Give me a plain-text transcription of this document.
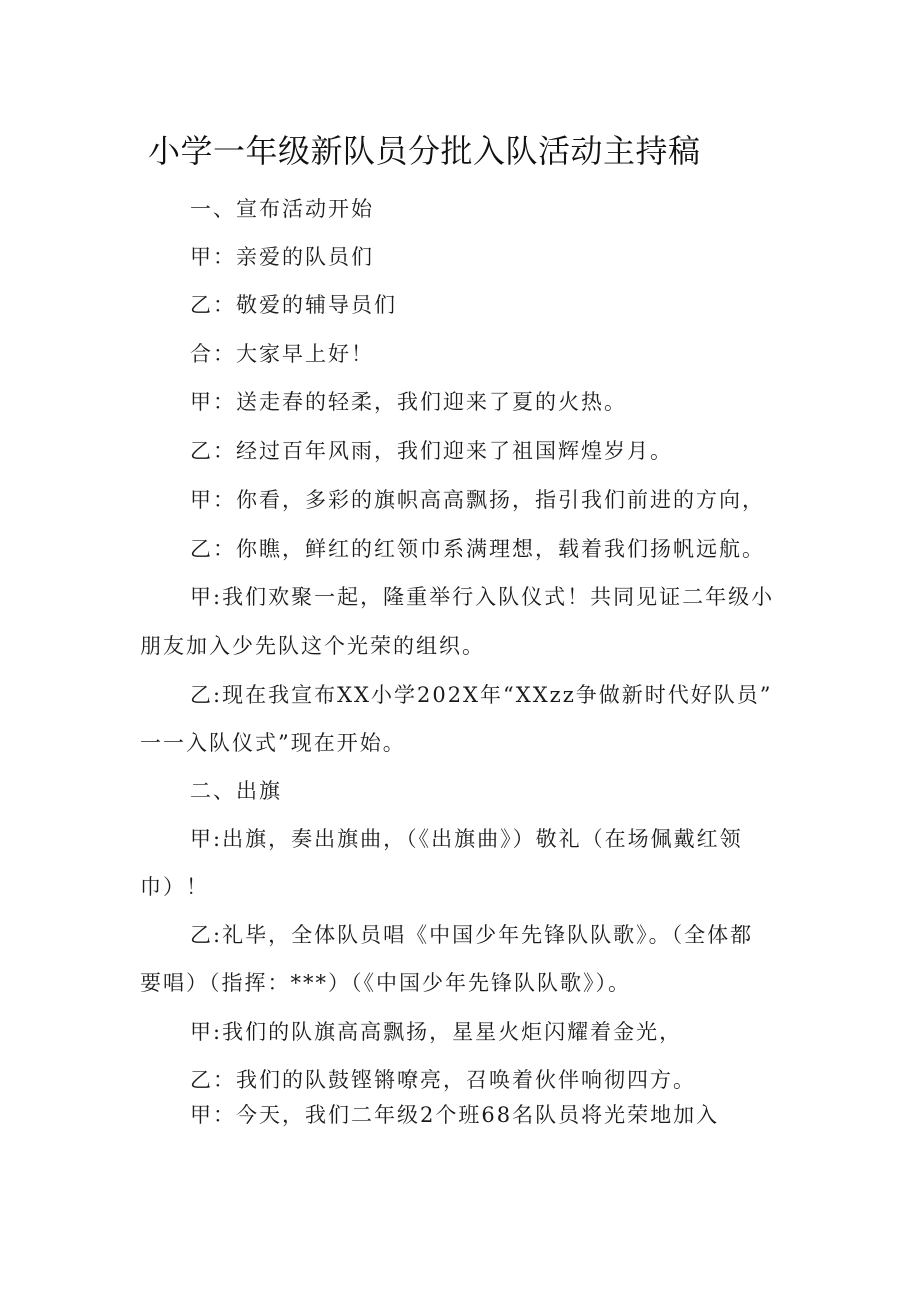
小学一年级新队员分批入队活动主持稿
一、宣布活动开始
甲：亲爱的队员们
乙：敬爱的辅导员们
合：大家早上好！
甲：送走春的轻柔，我们迎来了夏的火热。
乙：经过百年风雨，我们迎来了祖国辉煌岁月。
甲：你看，多彩的旗帜高高飘扬，指引我们前进的方向，
乙：你瞧，鲜红的红领巾系满理想，载着我们扬帆远航。
甲:我们欢聚一起，隆重举行入队仪式！共同见证二年级小
朋友加入少先队这个光荣的组织。
乙:现在我宣布XX小学202X年“XXzz争做新时代好队员”
一一入队仪式”现在开始。
二、出旗
甲:出旗，奏出旗曲，（《出旗曲》）敬礼（在场佩戴红领
巾）！
乙:礼毕，全体队员唱《中国少年先锋队队歌》。（全体都
要唱）（指挥：***）（《中国少年先锋队队歌》）。
甲:我们的队旗高高飘扬，星星火炬闪耀着金光，
乙：我们的队鼓铿锵嘹亮，召唤着伙伴响彻四方。
甲：今天，我们二年级2个班68名队员将光荣地加入
